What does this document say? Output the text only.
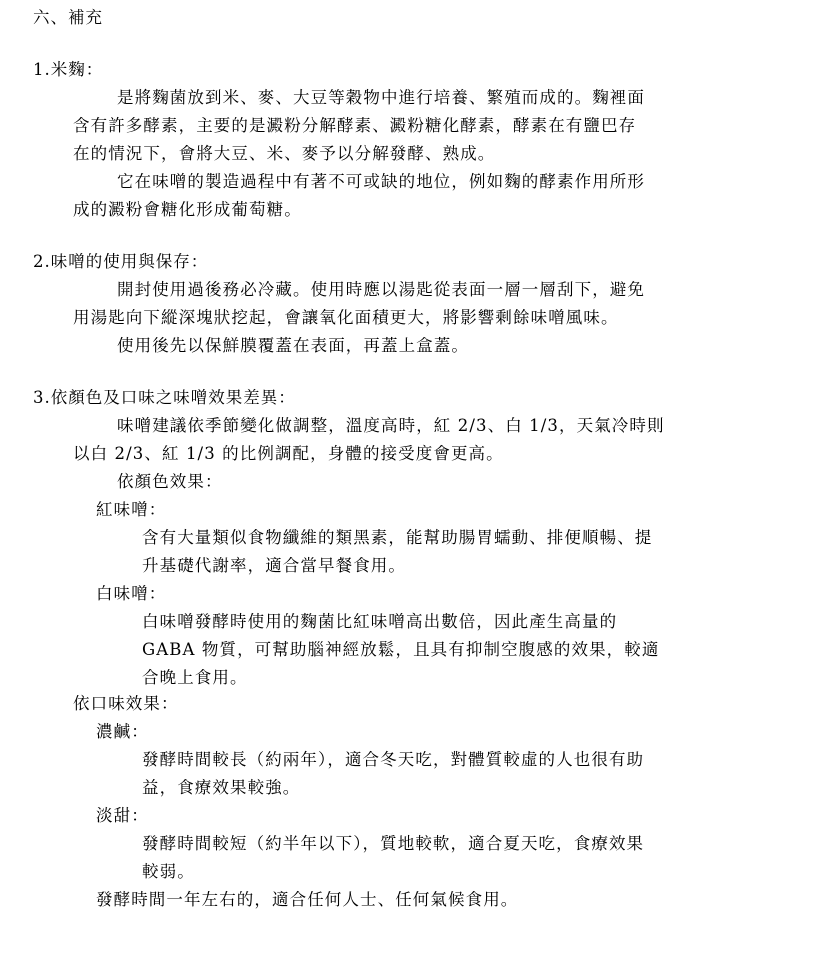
六、補充
1.米麴：
是將麴菌放到米、麥、大豆等穀物中進行培養、繁殖而成的。麴裡面
含有許多酵素，主要的是澱粉分解酵素、澱粉糖化酵素，酵素在有鹽巴存
在的情況下，會將大豆、米、麥予以分解發酵、熟成。
它在味噌的製造過程中有著不可或缺的地位，例如麴的酵素作用所形
成的澱粉會糖化形成葡萄糖。
2.味噌的使用與保存：
開封使用過後務必冷藏。使用時應以湯匙從表面一層一層刮下，避免
用湯匙向下縱深塊狀挖起，會讓氧化面積更大，將影響剩餘味噌風味。
使用後先以保鮮膜覆蓋在表面，再蓋上盒蓋。
3.依顏色及口味之味噌效果差異：
味噌建議依季節變化做調整，溫度高時，紅 2/3、白 1/3，天氣冷時則
以白 2/3、紅 1/3 的比例調配，身體的接受度會更高。
依顏色效果：
紅味噌：
含有大量類似食物纖維的類黑素，能幫助腸胃蠕動、排便順暢、提
升基礎代謝率，適合當早餐食用。
白味噌：
白味噌發酵時使用的麴菌比紅味噌高出數倍，因此產生高量的
GABA 物質，可幫助腦神經放鬆，且具有抑制空腹感的效果，較適
合晚上食用。
依口味效果：
濃鹹：
發酵時間較長（約兩年），適合冬天吃，對體質較虛的人也很有助
益，食療效果較強。
淡甜：
發酵時間較短（約半年以下），質地較軟，適合夏天吃，食療效果
較弱。
發酵時間一年左右的，適合任何人士、任何氣候食用。
